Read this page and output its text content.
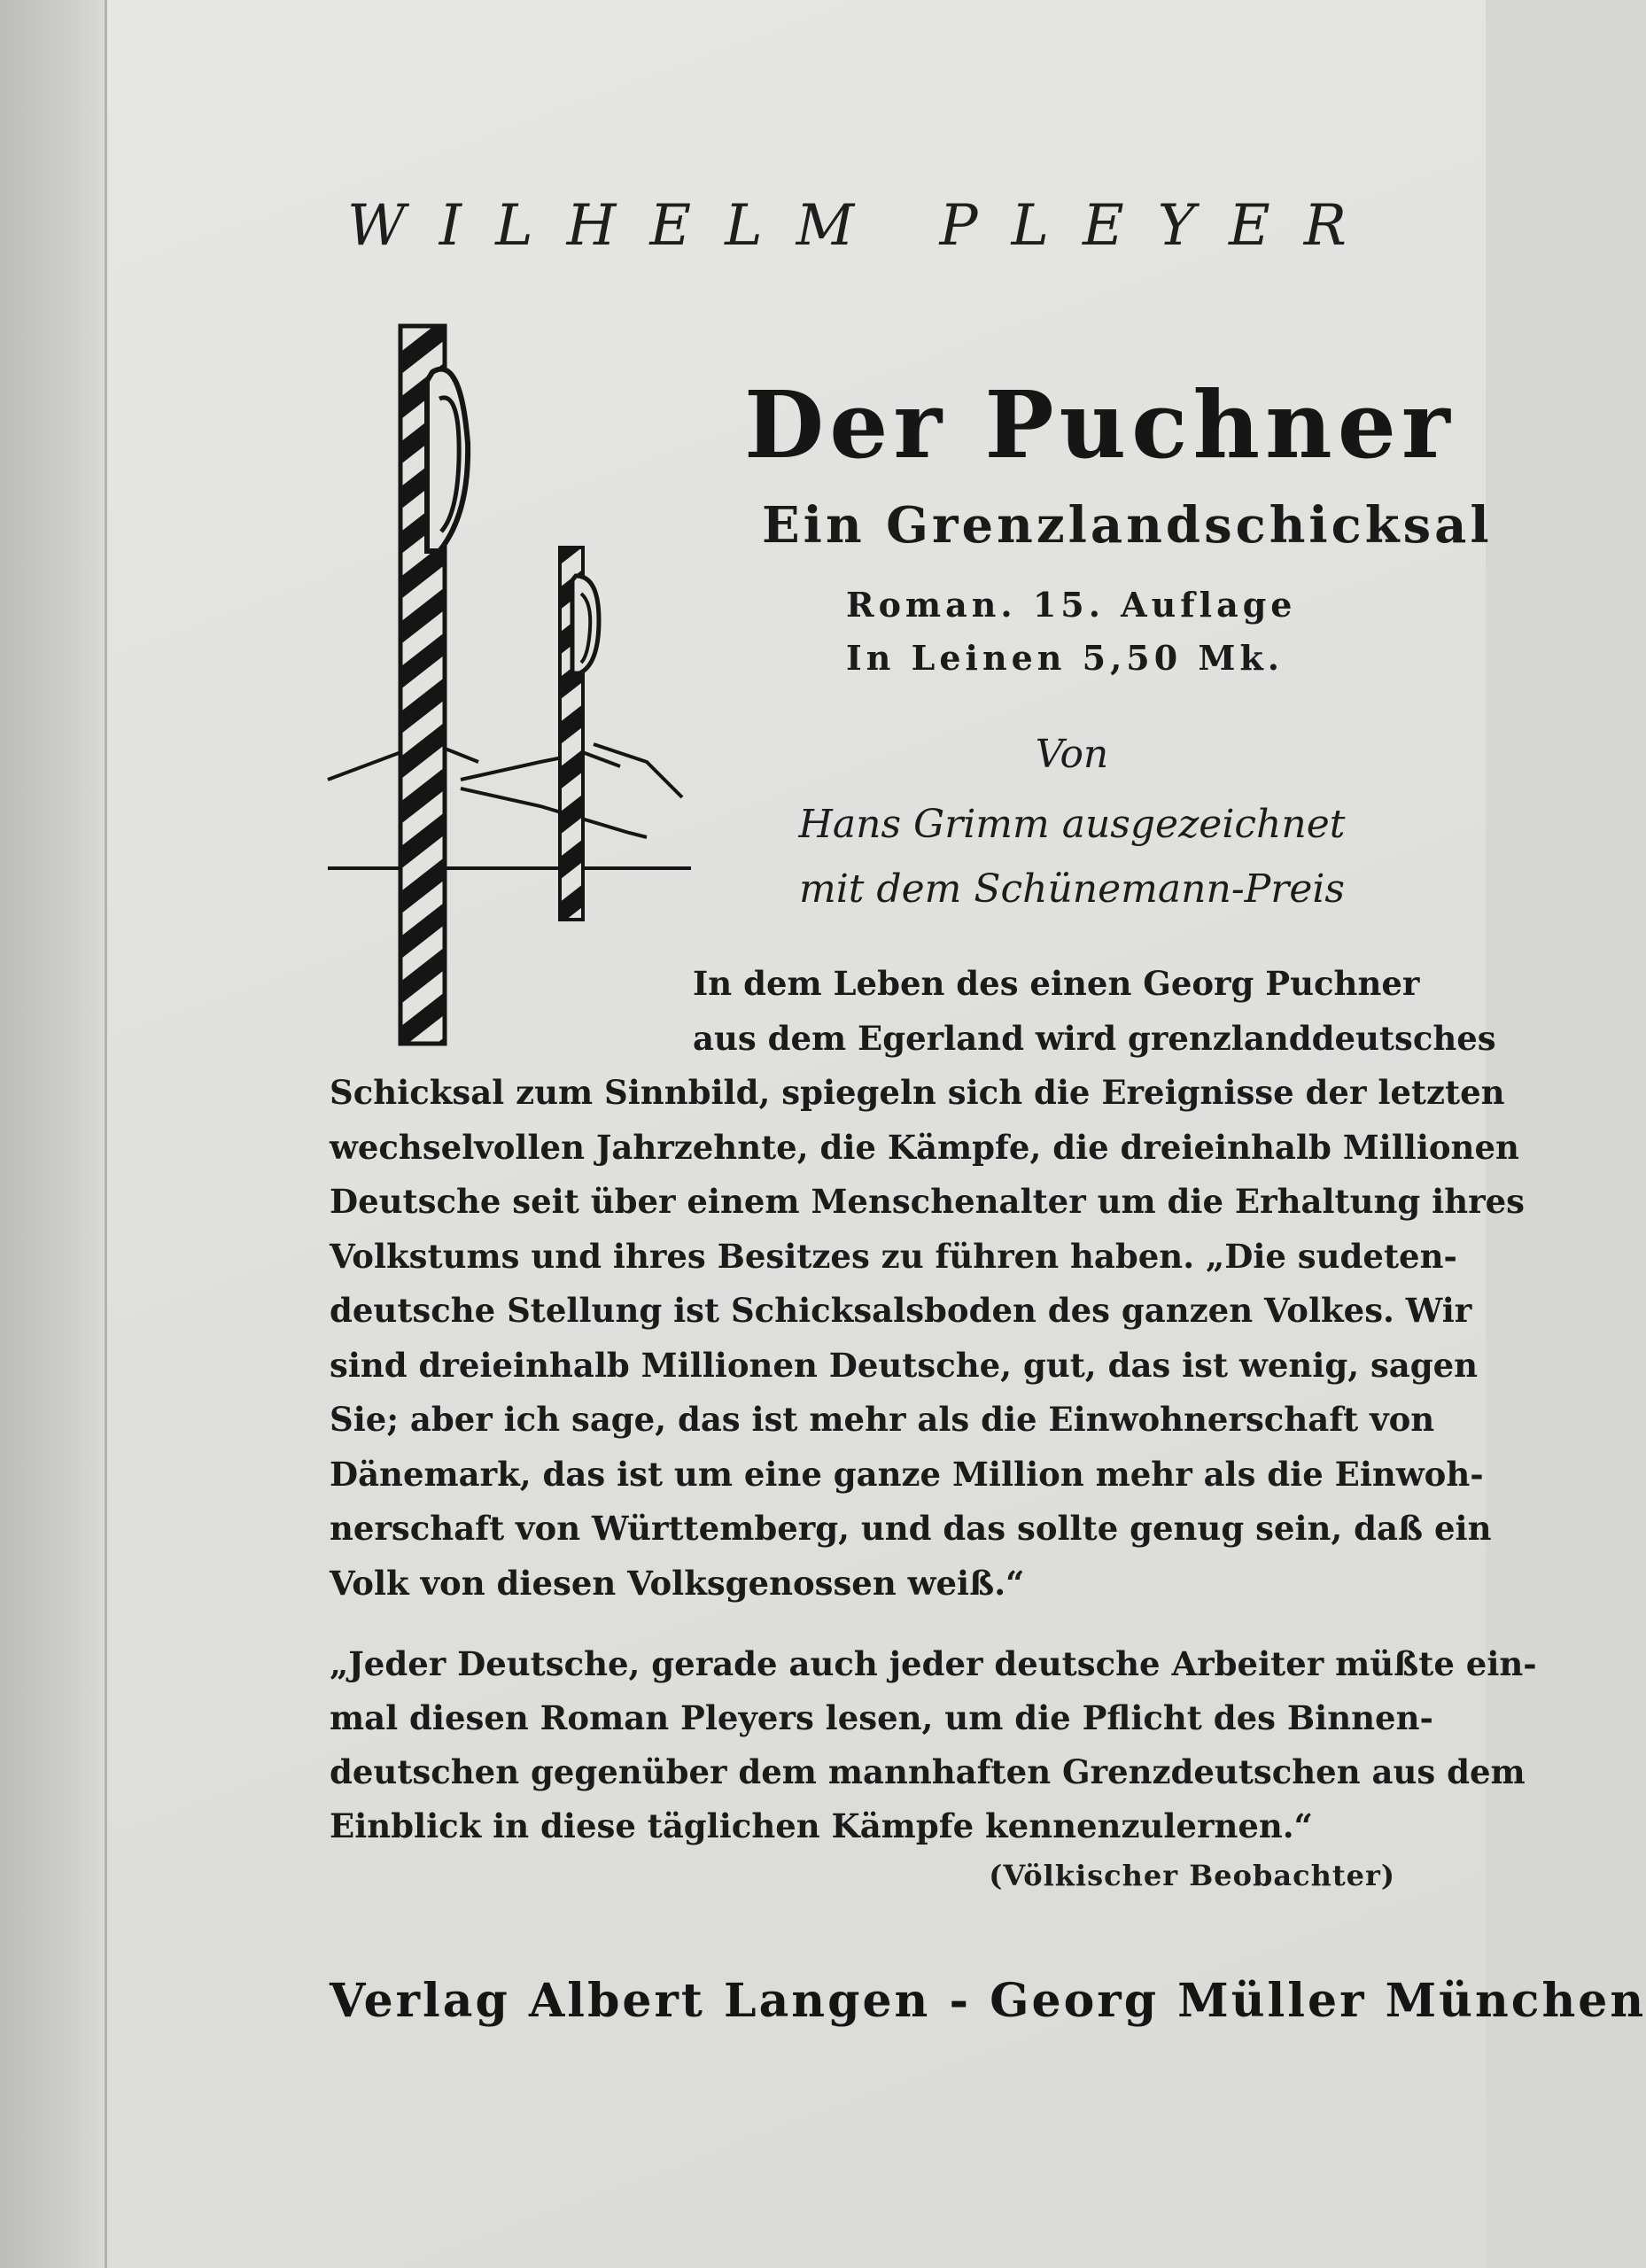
WILHELM PLEYER
Der Puchner
Ein Grenzlandschicksal
Roman. 15. Auflage
In Leinen 5,50 Mk.
Von
Hans Grimm ausgezeichnet
mit dem Schünemann-Preis
In dem Leben des einen Georg Puchner
aus dem Egerland wird grenzlanddeutsches
Schicksal zum Sinnbild, spiegeln sich die Ereignisse der letzten
wechselvollen Jahrzehnte, die Kämpfe, die dreieinhalb Millionen
Deutsche seit über einem Menschenalter um die Erhaltung ihres
Volkstums und ihres Besitzes zu führen haben. „Die sudeten-
deutsche Stellung ist Schicksalsboden des ganzen Volkes. Wir
sind dreieinhalb Millionen Deutsche, gut, das ist wenig, sagen
Sie; aber ich sage, das ist mehr als die Einwohnerschaft von
Dänemark, das ist um eine ganze Million mehr als die Einwoh-
nerschaft von Württemberg, und das sollte genug sein, daß ein
Volk von diesen Volksgenossen weiß.“
„Jeder Deutsche, gerade auch jeder deutsche Arbeiter müßte ein-
mal diesen Roman Pleyers lesen, um die Pflicht des Binnen-
deutschen gegenüber dem mannhaften Grenzdeutschen aus dem
Einblick in diese täglichen Kämpfe kennenzulernen.“
(Völkischer Beobachter)
Verlag Albert Langen - Georg Müller München
